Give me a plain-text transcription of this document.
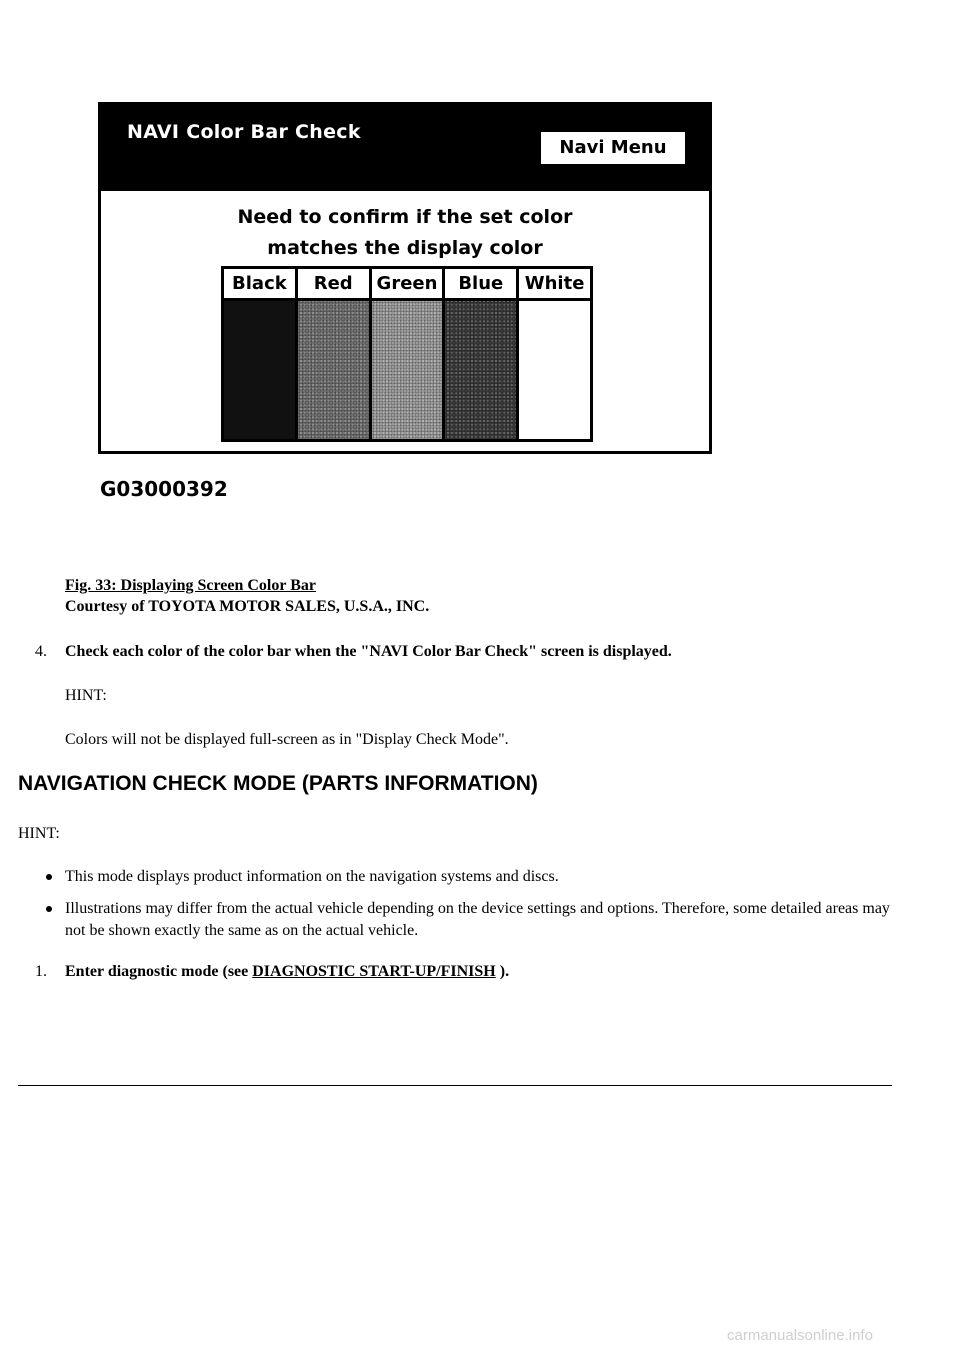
NAVI Color Bar Check
Navi Menu
Need to confirm if the set color
matches the display color
Black	Red	Green	Blue	White
G03000392
Fig. 33: Displaying Screen Color Bar
Courtesy of TOYOTA MOTOR SALES, U.S.A., INC.
4. Check each color of the color bar when the "NAVI Color Bar Check" screen is displayed.
HINT:
Colors will not be displayed full-screen as in "Display Check Mode".
NAVIGATION CHECK MODE (PARTS INFORMATION)
HINT:
This mode displays product information on the navigation systems and discs.
Illustrations may differ from the actual vehicle depending on the device settings and options. Therefore, some detailed areas may not be shown exactly the same as on the actual vehicle.
1. Enter diagnostic mode (see DIAGNOSTIC START-UP/FINISH ).
carmanualsonline.info
